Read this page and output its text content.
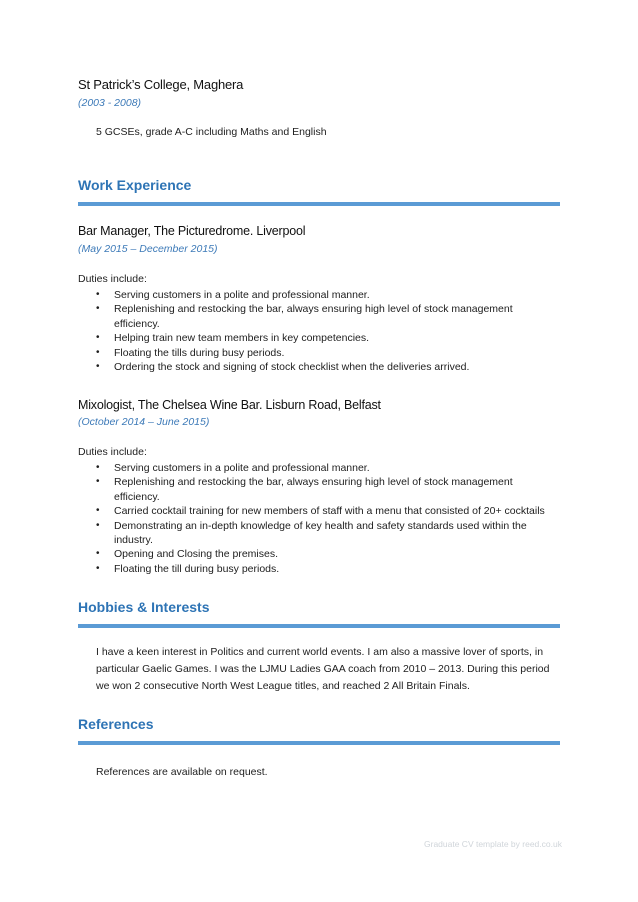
St Patrick’s College, Maghera
(2003 - 2008)
5 GCSEs, grade A-C including Maths and English
Work Experience
Bar Manager, The Picturedrome. Liverpool
(May 2015 – December 2015)
Duties include:
• Serving customers in a polite and professional manner.
• Replenishing and restocking the bar, always ensuring high level of stock management efficiency.
• Helping train new team members in key competencies.
• Floating the tills during busy periods.
• Ordering the stock and signing of stock checklist when the deliveries arrived.
Mixologist, The Chelsea Wine Bar. Lisburn Road, Belfast
(October 2014 – June 2015)
Duties include:
• Serving customers in a polite and professional manner.
• Replenishing and restocking the bar, always ensuring high level of stock management efficiency.
• Carried cocktail training for new members of staff with a menu that consisted of 20+ cocktails
• Demonstrating an in-depth knowledge of key health and safety standards used within the industry.
• Opening and Closing the premises.
• Floating the till during busy periods.
Hobbies & Interests
I have a keen interest in Politics and current world events. I am also a massive lover of sports, in particular Gaelic Games. I was the LJMU Ladies GAA coach from 2010 – 2013. During this period we won 2 consecutive North West League titles, and reached 2 All Britain Finals.
References
References are available on request.
Graduate CV template by reed.co.uk
